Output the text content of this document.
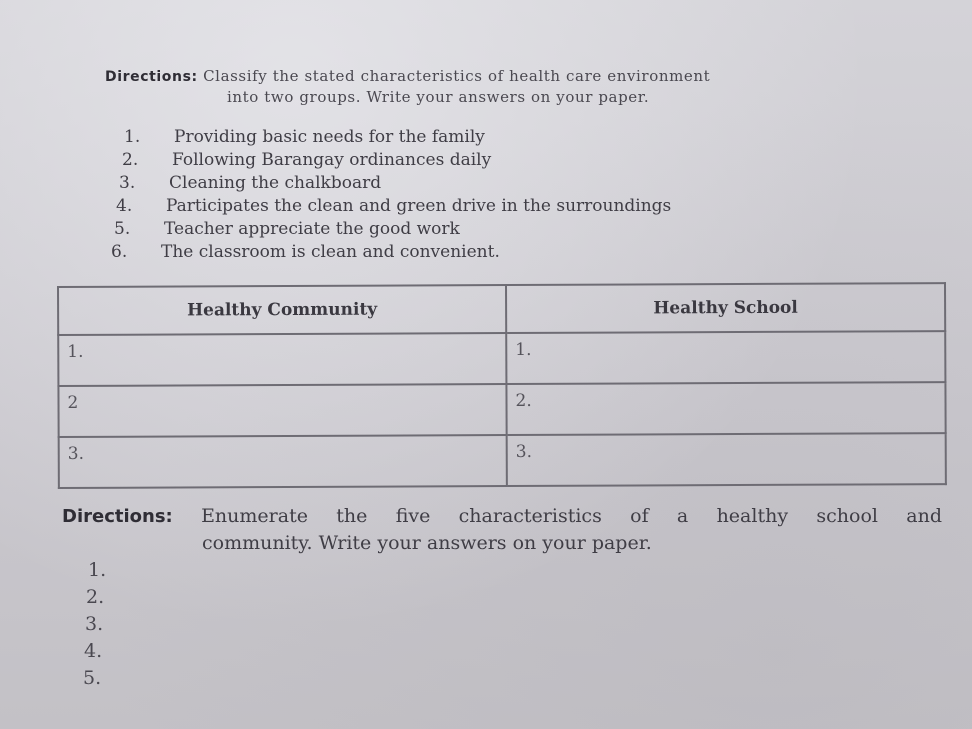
Directions: Classify the stated characteristics of health care environment
into two groups. Write your answers on your paper.
1. Providing basic needs for the family
2. Following Barangay ordinances daily
3. Cleaning the chalkboard
4. Participates the clean and green drive in the surroundings
5. Teacher appreciate the good work
6. The classroom is clean and convenient.
Healthy Community	Healthy School
1.	1.
2	2.
3.	3.
Directions: Enumerate the five characteristics of a healthy school and
community. Write your answers on your paper.
1.
2.
3.
4.
5.
